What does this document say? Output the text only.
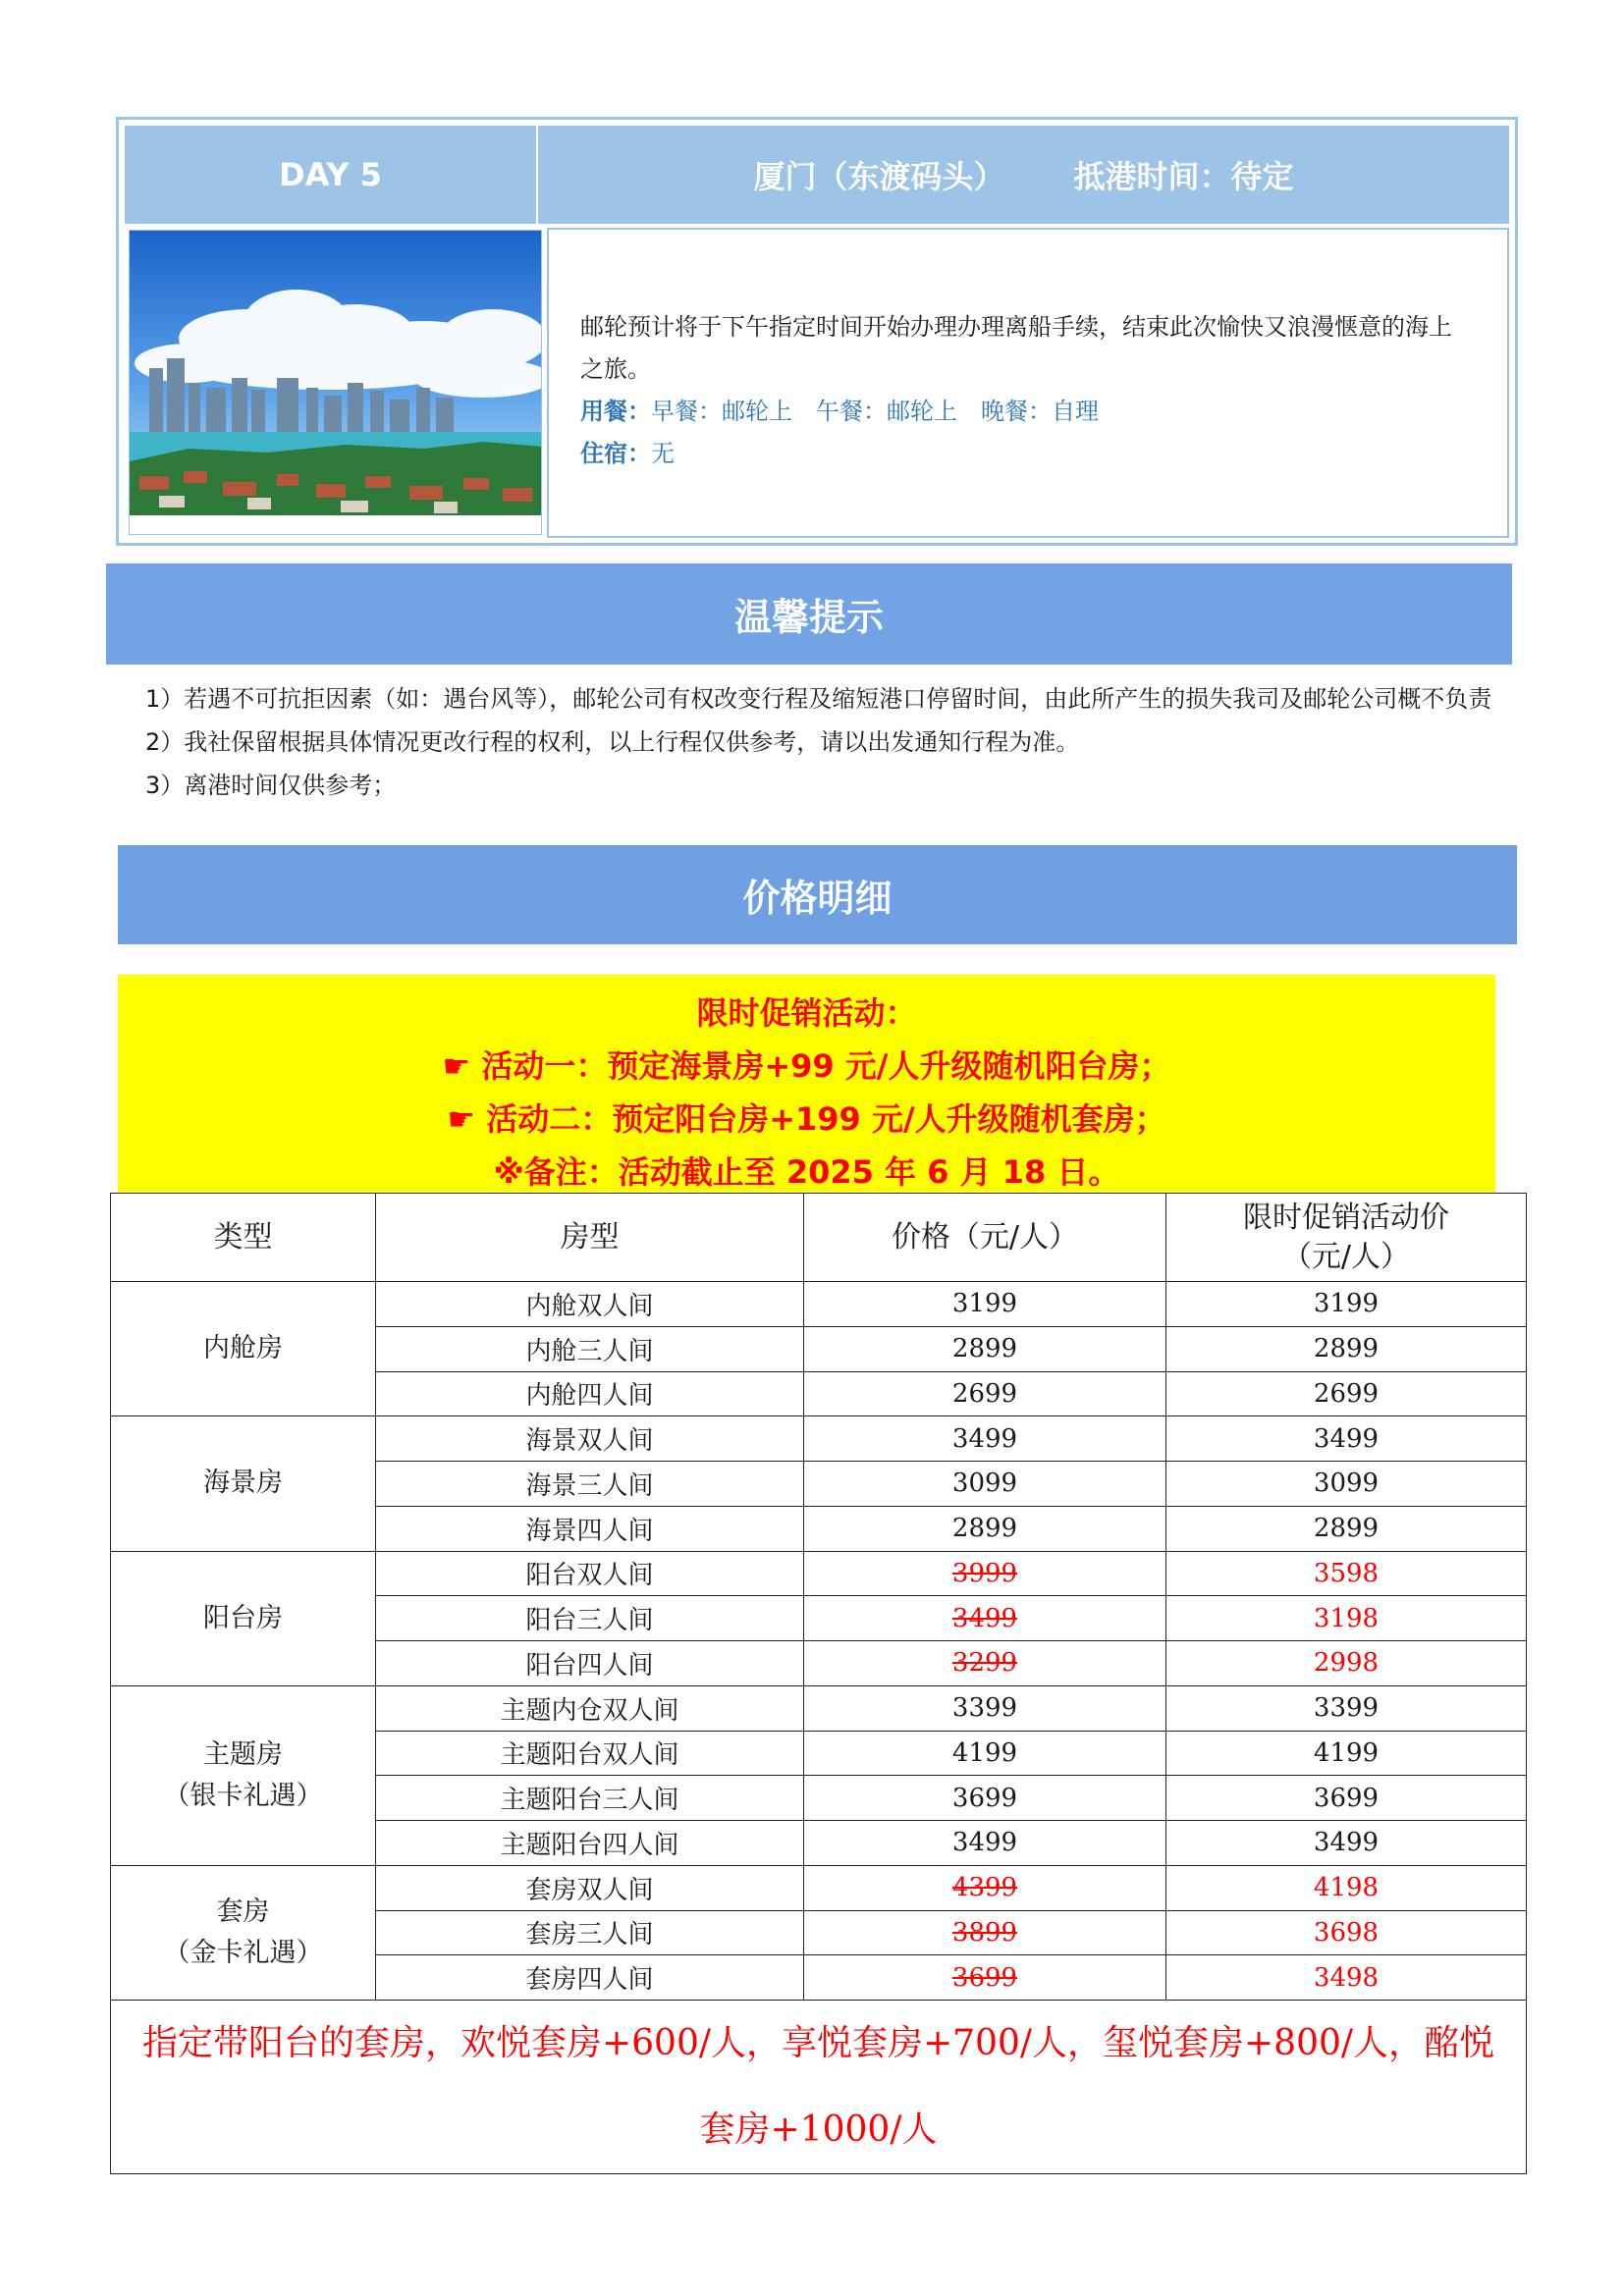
DAY 5	厦门（东渡码头） 抵港时间：待定
邮轮预计将于下午指定时间开始办理办理离船手续，结束此次愉快又浪漫惬意的海上之旅。
用餐：早餐：邮轮上　午餐：邮轮上　晚餐：自理
住宿：无
温馨提示
1）若遇不可抗拒因素（如：遇台风等），邮轮公司有权改变行程及缩短港口停留时间，由此所产生的损失我司及邮轮公司概不负责
2）我社保留根据具体情况更改行程的权利，以上行程仅供参考，请以出发通知行程为准。
3）离港时间仅供参考；
价格明细
限时促销活动：
☛ 活动一：预定海景房+99 元/人升级随机阳台房；
☛ 活动二：预定阳台房+199 元/人升级随机套房；
※备注：活动截止至 2025 年 6 月 18 日。
类型	房型	价格（元/人）	限时促销活动价
（元/人）
内舱房	内舱双人间	3199	3199
	内舱三人间	2899	2899
	内舱四人间	2699	2699
海景房	海景双人间	3499	3499
	海景三人间	3099	3099
	海景四人间	2899	2899
阳台房	阳台双人间	3999	3598
	阳台三人间	3499	3198
	阳台四人间	3299	2998
主题房
（银卡礼遇）	主题内仓双人间	3399	3399
	主题阳台双人间	4199	4199
	主题阳台三人间	3699	3699
	主题阳台四人间	3499	3499
套房
（金卡礼遇）	套房双人间	4399	4198
	套房三人间	3899	3698
	套房四人间	3699	3498
指定带阳台的套房，欢悦套房+600/人，享悦套房+700/人，玺悦套房+800/人，酩悦套房+1000/人			
